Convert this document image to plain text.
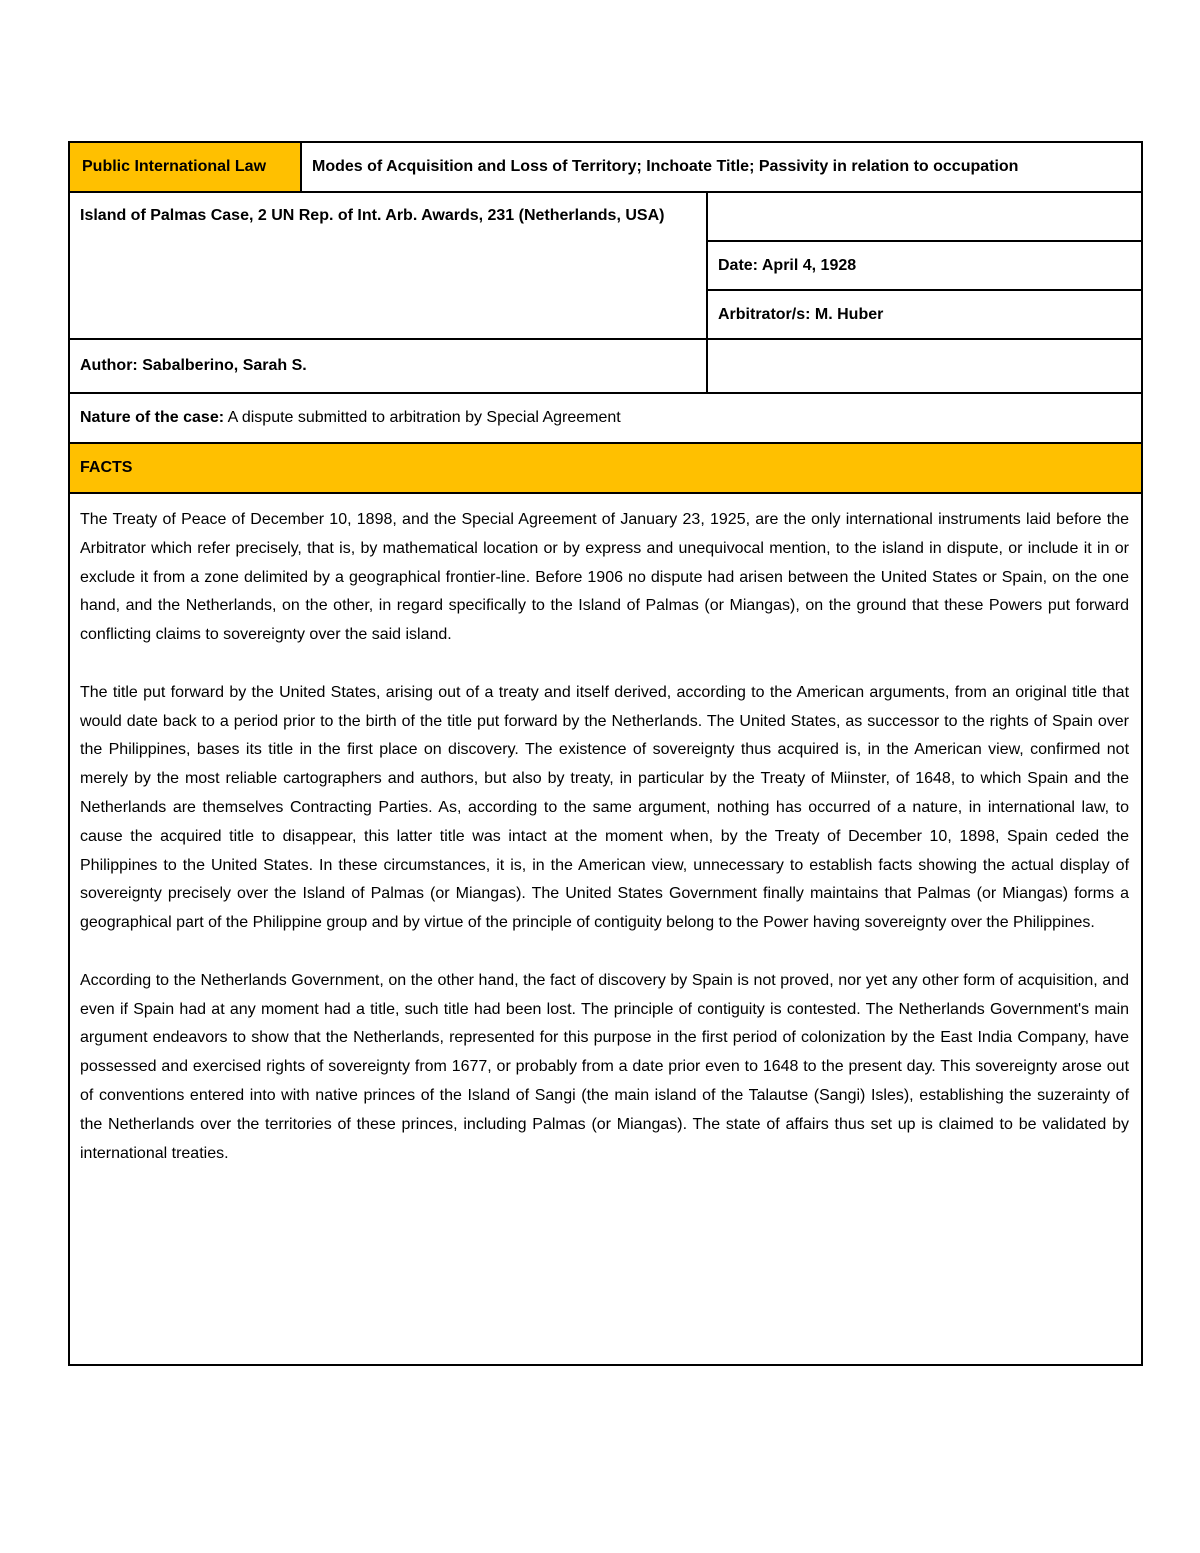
Public International Law	Modes of Acquisition and Loss of Territory; Inchoate Title; Passivity in relation to occupation	
Island of Palmas Case, 2 UN Rep. of Int. Arb. Awards, 231 (Netherlands, USA)		
		Date: April 4, 1928
		Arbitrator/s: M. Huber
Author: Sabalberino, Sarah S.		
Nature of the case: A dispute submitted to arbitration by Special Agreement		
FACTS		

The Treaty of Peace of December 10, 1898, and the Special Agreement of January 23, 1925, are the only international instruments laid before the Arbitrator which refer precisely, that is, by mathematical location or by express and unequivocal mention, to the island in dispute, or include it in or exclude it from a zone delimited by a geographical frontier-line. Before 1906 no dispute had arisen between the United States or Spain, on the one hand, and the Netherlands, on the other, in regard specifically to the Island of Palmas (or Miangas), on the ground that these Powers put forward conflicting claims to sovereignty over the said island.

The title put forward by the United States, arising out of a treaty and itself derived, according to the American arguments, from an original title that would date back to a period prior to the birth of the title put forward by the Netherlands. The United States, as successor to the rights of Spain over the Philippines, bases its title in the first place on discovery. The existence of sovereignty thus acquired is, in the American view, confirmed not merely by the most reliable cartographers and authors, but also by treaty, in particular by the Treaty of Miinster, of 1648, to which Spain and the Netherlands are themselves Contracting Parties. As, according to the same argument, nothing has occurred of a nature, in international law, to cause the acquired title to disappear, this latter title was intact at the moment when, by the Treaty of December 10, 1898, Spain ceded the Philippines to the United States. In these circumstances, it is, in the American view, unnecessary to establish facts showing the actual display of sovereignty precisely over the Island of Palmas (or Miangas). The United States Government finally maintains that Palmas (or Miangas) forms a geographical part of the Philippine group and by virtue of the principle of contiguity belong to the Power having sovereignty over the Philippines.

According to the Netherlands Government, on the other hand, the fact of discovery by Spain is not proved, nor yet any other form of acquisition, and even if Spain had at any moment had a title, such title had been lost. The principle of contiguity is contested. The Netherlands Government's main argument endeavors to show that the Netherlands, represented for this purpose in the first period of colonization by the East India Company, have possessed and exercised rights of sovereignty from 1677, or probably from a date prior even to 1648 to the present day. This sovereignty arose out of conventions entered into with native princes of the Island of Sangi (the main island of the Talautse (Sangi) Isles), establishing the suzerainty of the Netherlands over the territories of these princes, including Palmas (or Miangas). The state of affairs thus set up is claimed to be validated by international treaties.		
